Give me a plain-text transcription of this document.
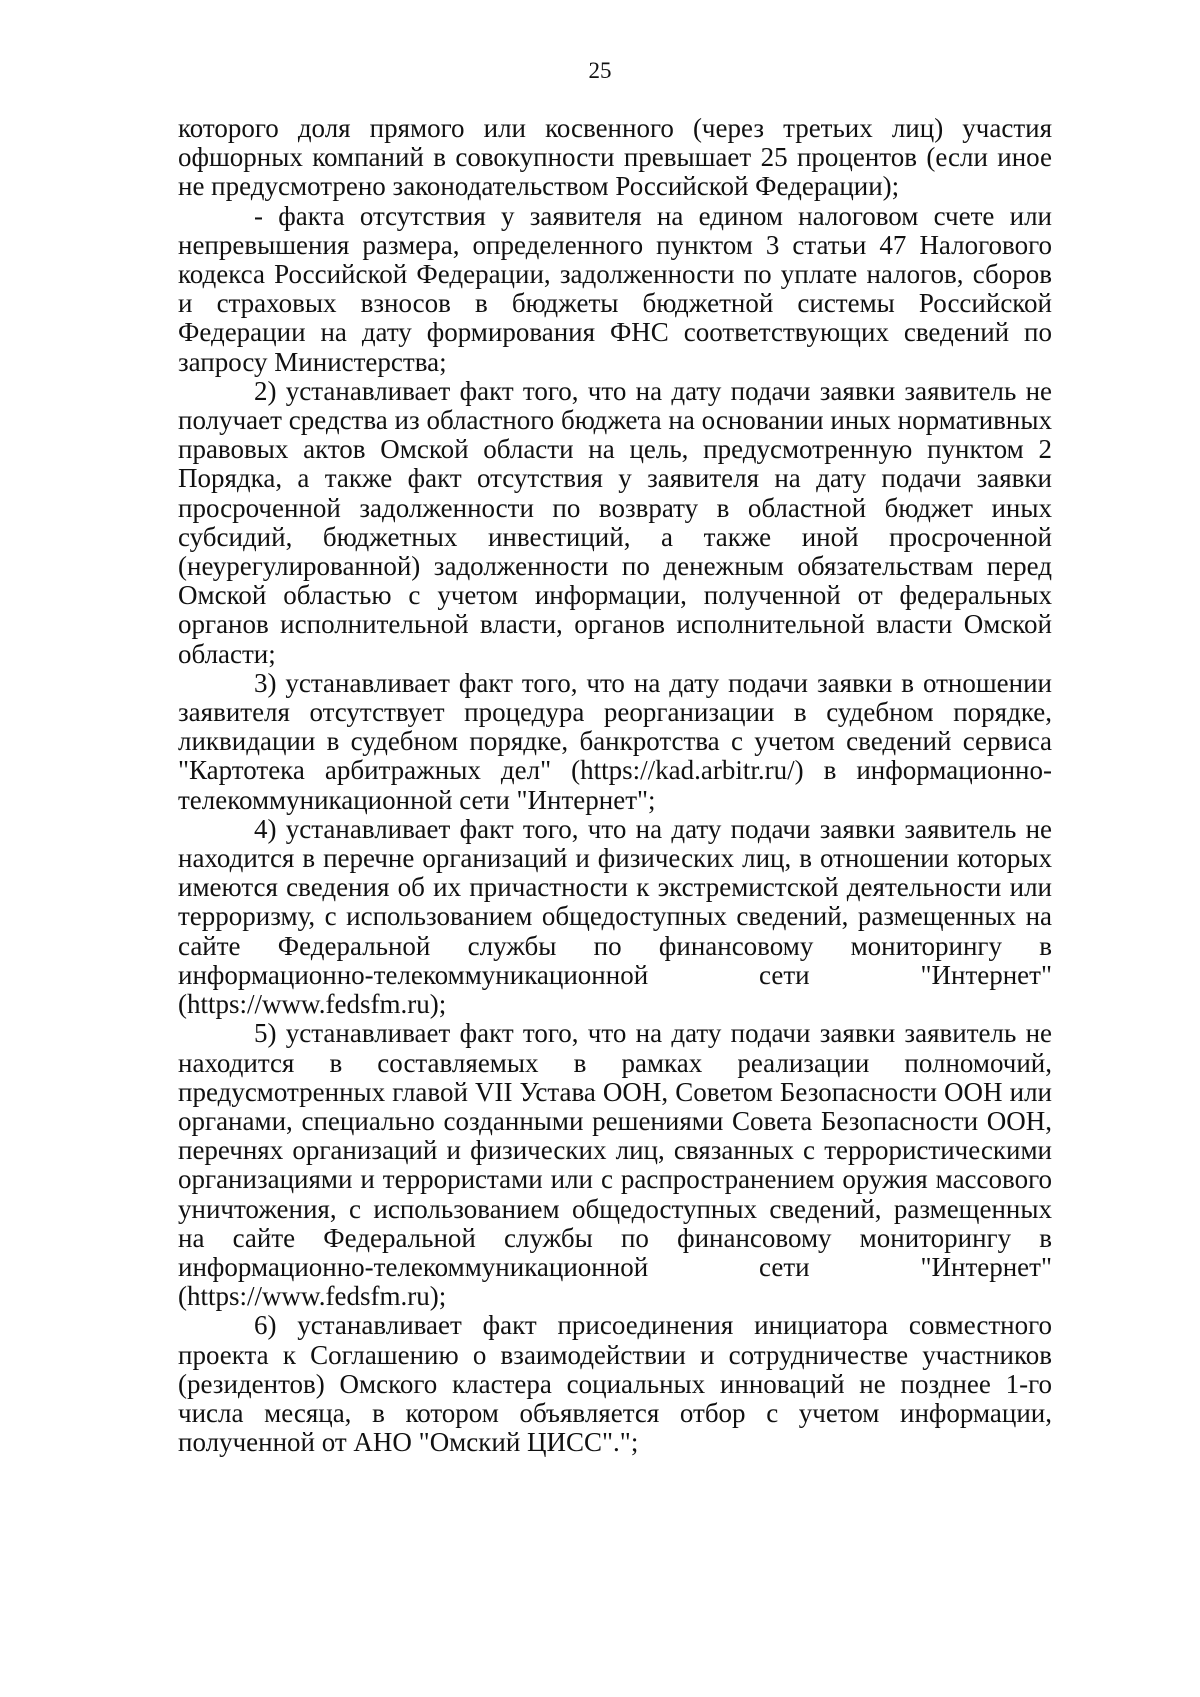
25

которого доля прямого или косвенного (через третьих лиц) участия офшорных компаний в совокупности превышает 25 процентов (если иное не предусмотрено законодательством Российской Федерации);

- факта отсутствия у заявителя на едином налоговом счете или непревышения размера, определенного пунктом 3 статьи 47 Налогового кодекса Российской Федерации, задолженности по уплате налогов, сборов и страховых взносов в бюджеты бюджетной системы Российской Федерации на дату формирования ФНС соответствующих сведений по запросу Министерства;

2) устанавливает факт того, что на дату подачи заявки заявитель не получает средства из областного бюджета на основании иных нормативных правовых актов Омской области на цель, предусмотренную пунктом 2 Порядка, а также факт отсутствия у заявителя на дату подачи заявки просроченной задолженности по возврату в областной бюджет иных субсидий, бюджетных инвестиций, а также иной просроченной (неурегулированной) задолженности по денежным обязательствам перед Омской областью с учетом информации, полученной от федеральных органов исполнительной власти, органов исполнительной власти Омской области;

3) устанавливает факт того, что на дату подачи заявки в отношении заявителя отсутствует процедура реорганизации в судебном порядке, ликвидации в судебном порядке, банкротства с учетом сведений сервиса "Картотека арбитражных дел" (https://kad.arbitr.ru/) в информационно-телекоммуникационной сети "Интернет";

4) устанавливает факт того, что на дату подачи заявки заявитель не находится в перечне организаций и физических лиц, в отношении которых имеются сведения об их причастности к экстремистской деятельности или терроризму, с использованием общедоступных сведений, размещенных на сайте Федеральной службы по финансовому мониторингу в информационно-телекоммуникационной сети "Интернет" (https://www.fedsfm.ru);

5) устанавливает факт того, что на дату подачи заявки заявитель не находится в составляемых в рамках реализации полномочий, предусмотренных главой VII Устава ООН, Советом Безопасности ООН или органами, специально созданными решениями Совета Безопасности ООН, перечнях организаций и физических лиц, связанных с террористическими организациями и террористами или с распространением оружия массового уничтожения, с использованием общедоступных сведений, размещенных на сайте Федеральной службы по финансовому мониторингу в информационно-телекоммуникационной сети "Интернет" (https://www.fedsfm.ru);

6) устанавливает факт присоединения инициатора совместного проекта к Соглашению о взаимодействии и сотрудничестве участников (резидентов) Омского кластера социальных инноваций не позднее 1-го числа месяца, в котором объявляется отбор с учетом информации, полученной от АНО "Омский ЦИСС".";
